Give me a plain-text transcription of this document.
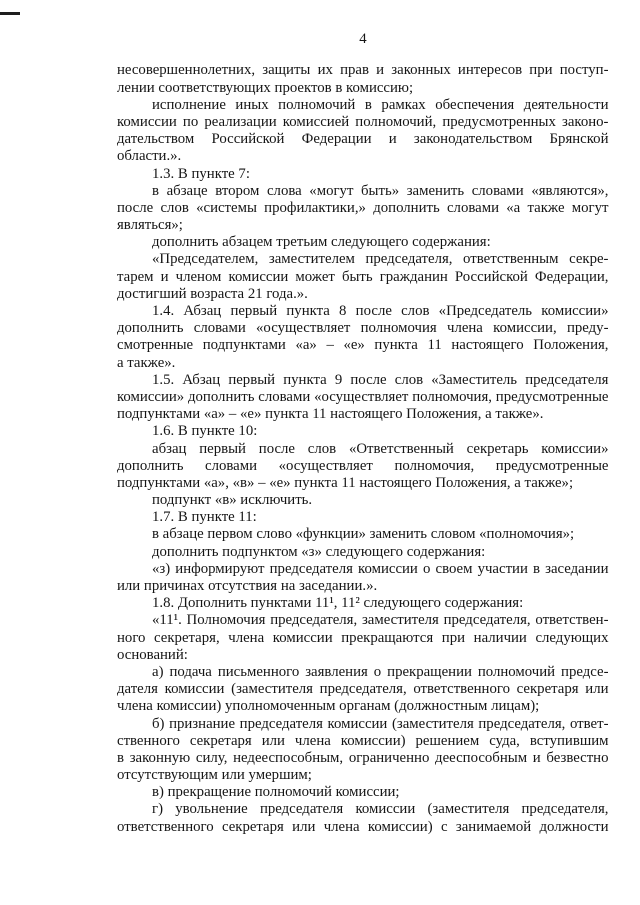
4
несовершеннолетних, защиты их прав и законных интересов при поступ-
лении соответствующих проектов в комиссию;
исполнение иных полномочий в рамках обеспечения деятельности
комиссии по реализации комиссией полномочий, предусмотренных законо-
дательством Российской Федерации и законодательством Брянской
области.».
1.3. В пункте 7:
в абзаце втором слова «могут быть» заменить словами «являются»,
после слов «системы профилактики,» дополнить словами «а также могут
являться»;
дополнить абзацем третьим следующего содержания:
«Председателем, заместителем председателя, ответственным секре-
тарем и членом комиссии может быть гражданин Российской Федерации,
достигший возраста 21 года.».
1.4. Абзац первый пункта 8 после слов «Председатель комиссии»
дополнить словами «осуществляет полномочия члена комиссии, преду-
смотренные подпунктами «а» – «е» пункта 11 настоящего Положения,
а также».
1.5. Абзац первый пункта 9 после слов «Заместитель председателя
комиссии» дополнить словами «осуществляет полномочия, предусмотренные
подпунктами «а» – «е» пункта 11 настоящего Положения, а также».
1.6. В пункте 10:
абзац первый после слов «Ответственный секретарь комиссии»
дополнить словами «осуществляет полномочия, предусмотренные
подпунктами «а», «в» – «е» пункта 11 настоящего Положения, а также»;
подпункт «в» исключить.
1.7. В пункте 11:
в абзаце первом слово «функции» заменить словом «полномочия»;
дополнить подпунктом «з» следующего содержания:
«з) информируют председателя комиссии о своем участии в заседании
или причинах отсутствия на заседании.».
1.8. Дополнить пунктами 11¹, 11² следующего содержания:
«11¹. Полномочия председателя, заместителя председателя, ответствен-
ного секретаря, члена комиссии прекращаются при наличии следующих
оснований:
а) подача письменного заявления о прекращении полномочий предсе-
дателя комиссии (заместителя председателя, ответственного секретаря или
члена комиссии) уполномоченным органам (должностным лицам);
б) признание председателя комиссии (заместителя председателя, ответ-
ственного секретаря или члена комиссии) решением суда, вступившим
в законную силу, недееспособным, ограниченно дееспособным и безвестно
отсутствующим или умершим;
в) прекращение полномочий комиссии;
г) увольнение председателя комиссии (заместителя председателя,
ответственного секретаря или члена комиссии) с занимаемой должности
